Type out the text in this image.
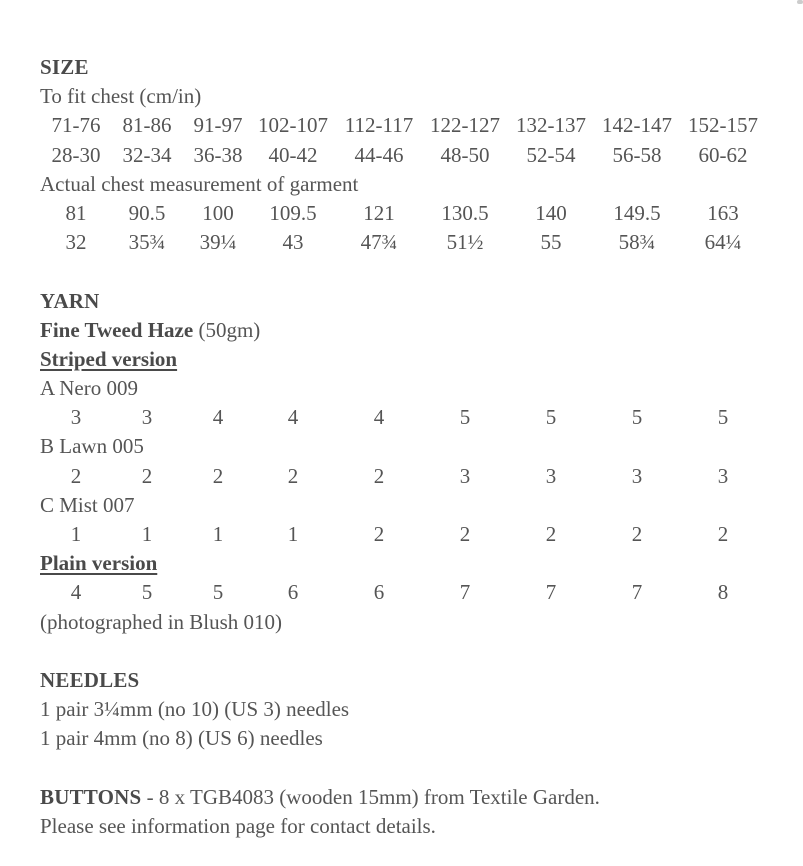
SIZE
To fit chest (cm/in)
71-76	81-86	91-97 102-107 112-117 122-127 132-137 142-147 152-157
28-30	32-34	36-38	40-42	44-46	48-50	52-54	56-58	60-62
Actual chest measurement of garment
81	90.5	100	109.5	121	130.5	140	149.5	163
32	35¾	39¼	43	47¾	51½	55	58¾	64¼
YARN
Fine Tweed Haze (50gm)
Striped version
A Nero 009
3	3	4	4	4	5	5	5	5
B Lawn 005
2	2	2	2	2	3	3	3	3
C Mist 007
1	1	1	1	2	2	2	2	2
Plain version
4	5	5	6	6	7	7	7	8
(photographed in Blush 010)
NEEDLES
1 pair 3¼mm (no 10) (US 3) needles
1 pair 4mm (no 8) (US 6) needles
BUTTONS - 8 x TGB4083 (wooden 15mm) from Textile Garden.
Please see information page for contact details.
